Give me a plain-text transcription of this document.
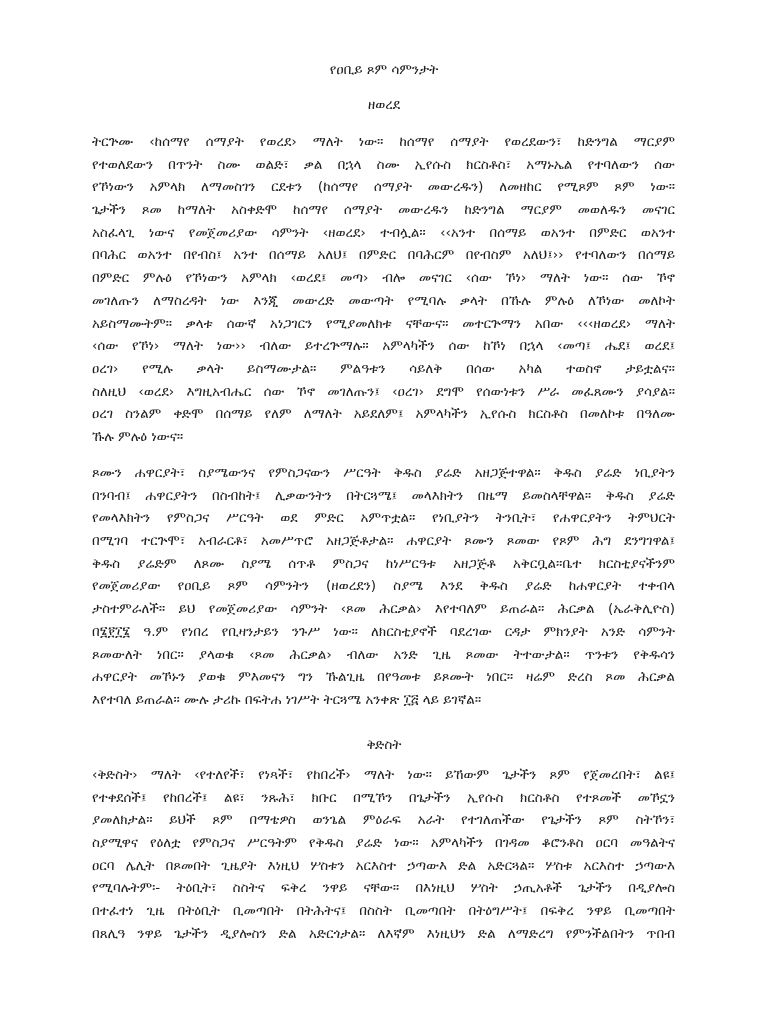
የዐቢይ ጾም ሳምንታት
ዘወረደ
ትርጕሙ ‹ከሰማየ ሰማያት የወረደ› ማለት ነው። ከሰማየ ሰማያት የወረደውን፣ ከድንግል ማርያም
የተወለደውን በጥንት ስሙ ወልድ፣ ቃል በኋላ ስሙ ኢየሱስ ክርስቶስ፣ አማኑኤል የተባለውን ሰው
የኾነውን አምላክ ለማመስገን ርደቱን (ከሰማየ ሰማያት መውረዱን) ለመዘከር የሚጾም ጾም ነው።
ጌታችን ጾመ ከማለት አስቀድሞ ከሰማየ ሰማያት መውረዱን ከድንግል ማርያም መወለዱን መናገር
አስፈላጊ ነውና የመጀመሪያው ሳምንት ‹ዘወረደ› ተብሏል። ‹‹አንተ በሰማይ ወአንተ በምድር ወአንተ
በባሕር ወአንተ በየብስ፤ አንተ በሰማይ አለህ፤ በምድር በባሕርም በየብስም አለህ፤›› የተባለውን በሰማይ
በምድር ምሉዕ የኾነውን አምላክ ‹ወረደ፤ መጣ› ብሎ መናገር ‹ሰው ኾነ› ማለት ነው። ሰው ኾኖ
መገለጡን ለማስረዳት ነው እንጂ መውረድ መውጣት የሚባሉ ቃላት በኹሉ ምሉዕ ለኾነው መለኮት
አይስማሙትም። ቃላቱ ሰውኛ አነጋገርን የሚያመለክቱ ናቸውና። መተርጕማን አበው ‹‹‹ዘወረደ› ማለት
‹ሰው የኾነ› ማለት ነው›› ብለው ይተረጕማሉ። አምላካችን ሰው ከኾነ በኋላ ‹መጣ፤ ሔደ፤ ወረደ፤
ዐረገ› የሚሉ ቃላት ይስማሙታል። ምልዓቱን ሳይለቅ በሰው አካል ተወስኖ ታይቷልና።
ስለዚህ ‹ወረደ› እግዚአብሔር ሰው ኾኖ መገለጡን፤ ‹ዐረገ› ደግሞ የሰውነቱን ሥራ መፈጸሙን ያሳያል።
ዐረገ ስንልም ቀድሞ በሰማይ የለም ለማለት አይደለም፤ አምላካችን ኢየሱስ ክርስቶስ በመለኮቱ በዓለሙ
ኹሉ ምሉዕ ነውና።
ጾሙን ሐዋርያት፣ ስያሜውንና የምስጋናውን ሥርዓት ቅዱስ ያሬድ አዘጋጅተዋል። ቅዱስ ያሬድ ነቢያትን
በንባብ፤ ሐዋርያትን በስብከት፤ ሊቃውንትን በትርጓሜ፤ መላእክትን በዜማ ይመስላቸዋል። ቅዱስ ያሬድ
የመላእክትን የምስጋና ሥርዓት ወደ ምድር አምጥቷል። የነቢያትን ትንቢት፣ የሐዋርያትን ትምህርት
በሚገባ ተርጕሞ፣ አብራርቶ፣ አመሥጥሮ አዘጋጅቶታል። ሐዋርያት ጾሙን ጾመው የጾም ሕግ ደንግገዋል፤
ቅዱስ ያሬድም ለጾሙ ስያሜ ሰጥቶ ምስጋና ከነሥርዓቱ አዘጋጅቶ አቅርቧል።ቤተ ክርስቲያናችንም
የመጀመሪያው የዐቢይ ጾም ሳምንትን (ዘወረደን) ስያሜ እንደ ቅዱስ ያሬድ ከሐዋርያት ተቀብላ
ታስተምራለች። ይህ የመጀመሪያው ሳምንት ‹ጾመ ሕርቃል› እየተባለም ይጠራል። ሕርቃል (ኤራቅሊዮስ)
በ፮፻፲፮ ዓ.ም የነበረ የቢዛንታይን ንጉሥ ነው። ለክርስቲያኖች ባደረገው ርዳታ ምክንያት አንድ ሳምንት
ጾመውለት ነበር። ያላወቁ ‹ጾመ ሕርቃል› ብለው አንድ ጊዜ ጾመው ትተውታል። ጥንቱን የቅዱሳን
ሐዋርያት መኾኑን ያወቁ ምእመናን ግን ኹልጊዜ በየዓመቱ ይጾሙት ነበር። ዛሬም ድረስ ጾመ ሕርቃል
እየተባለ ይጠራል። ሙሉ ታሪኩ በፍትሐ ነገሥት ትርጓሜ አንቀጽ ፲፭ ላይ ይገኛል።
ቅድስት
‹ቅድስት› ማለት ‹የተለየች፣ የነጻች፣ የከበረች› ማለት ነው። ይኸውም ጌታችን ጾም የጀመረበት፣ ልዩ፤
የተቀደሰች፤ የከበረች፤ ልዩ፣ ንጹሕ፣ ክቡር በሚኾን በጌታችን ኢየሱስ ክርስቶስ የተጾመች መኾኗን
ያመለክታል። ይህች ጾም በማቴዎስ ወንጌል ምዕራፍ አራት የተገለጠችው የጌታችን ጾም ስትኾን፣
ስያሚዋና የዕለቷ የምስጋና ሥርዓትም የቅዱስ ያሬድ ነው። አምላካችን በገዳመ ቆሮንቶስ ዐርባ መዓልትና
ዐርባ ሌሊት በጾመበት ጊዜያት እነዚህ ሦስቱን አርእስተ ኃጣውእ ድል አድርጓል። ሦስቱ አርእስተ ኃጣውእ
የሚባሉትም፡- ትዕቢት፣ ስስትና ፍቅረ ንዋይ ናቸው። በእነዚህ ሦስት ኃጢአቶች ጌታችን በዲያሎስ
በተፈተነ ጊዜ በትዕቢት ቢመጣበት በትሕትና፤ በስስት ቢመጣበት በትዕግሥት፤ በፍቅረ ንዋይ ቢመጣበት
በጸሊዓ ንዋይ ጌታችን ዲያሎስን ድል አድርጎታል። ለእኛም እነዚህን ድል ለማድረግ የምንችልበትን ጥበብ
